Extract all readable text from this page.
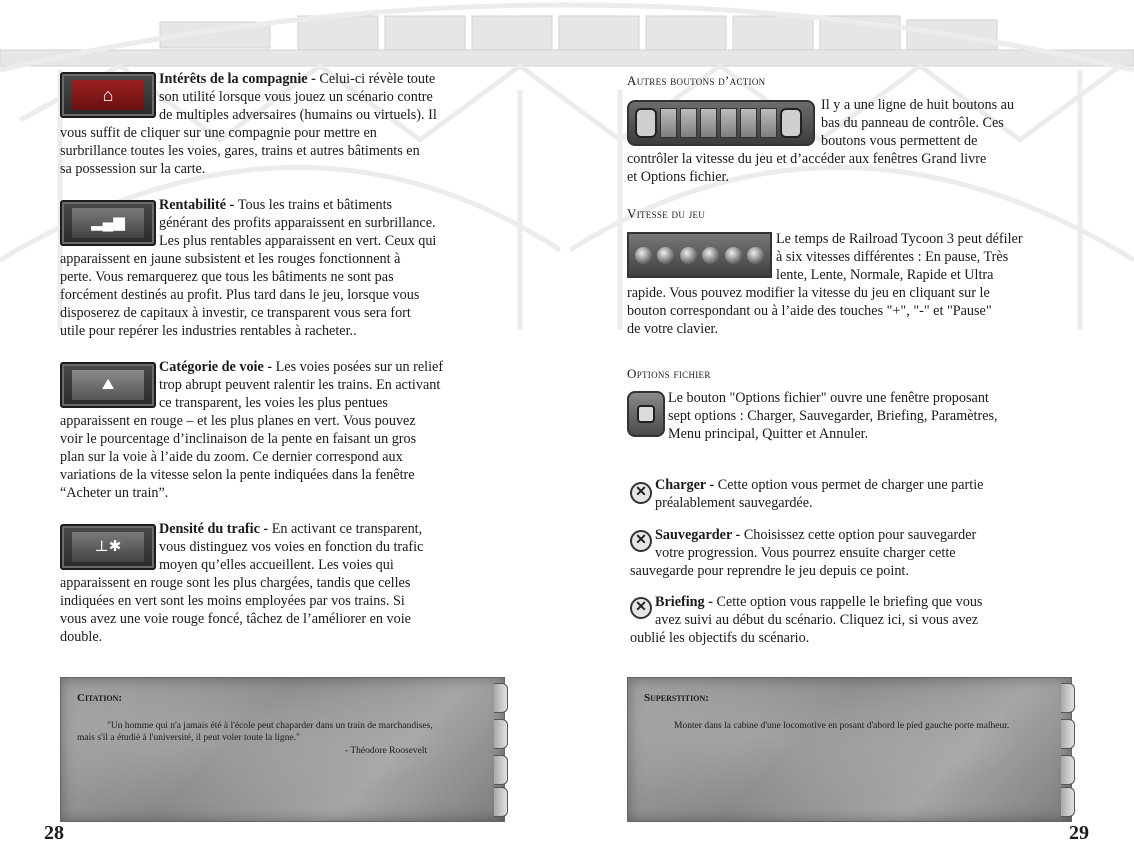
⌂
Intérêts de la compagnie - Celui-ci révèle toute
son utilité lorsque vous jouez un scénario contre
de multiples adversaires (humains ou virtuels). Il
vous suffit de cliquer sur une compagnie pour mettre en
surbrillance toutes les voies, gares, trains et autres bâtiments en
sa possession sur la carte.
▂▄▆
Rentabilité - Tous les trains et bâtiments
générant des profits apparaissent en surbrillance.
Les plus rentables apparaissent en vert. Ceux qui
apparaissent en jaune subsistent et les rouges fonctionnent à
perte. Vous remarquerez que tous les bâtiments ne sont pas
forcément destinés au profit. Plus tard dans le jeu, lorsque vous
disposerez de capitaux à investir, ce transparent vous sera fort
utile pour repérer les industries rentables à racheter..
⛰
Catégorie de voie - Les voies posées sur un relief
trop abrupt peuvent ralentir les trains. En activant
ce transparent, les voies les plus pentues
apparaissent en rouge – et les plus planes en vert. Vous pouvez
voir le pourcentage d’inclinaison de la pente en faisant un gros
plan sur la voie à l’aide du zoom. Ce dernier correspond aux
variations de la vitesse selon la pente indiquées dans la fenêtre
“Acheter un train”.
⊥✱
Densité du trafic - En activant ce transparent,
vous distinguez vos voies en fonction du trafic
moyen qu’elles accueillent. Les voies qui
apparaissent en rouge sont les plus chargées, tandis que celles
indiquées en vert sont les moins employées par vos trains. Si
vous avez une voie rouge foncé, tâchez de l’améliorer en voie
double.
Citation:
"Un homme qui n'a jamais été à l'école peut chaparder dans un train de marchandises, mais s'il a étudié à l'université, il peut voler toute la ligne."
- Théodore Roosevelt
28
Autres boutons d’action
Il y a une ligne de huit boutons au
bas du panneau de contrôle. Ces
boutons vous permettent de
contrôler la vitesse du jeu et d’accéder aux fenêtres Grand livre
et Options fichier.
Vitesse du jeu
Le temps de Railroad Tycoon 3 peut défiler
à six vitesses différentes : En pause, Très
lente, Lente, Normale, Rapide et Ultra
rapide. Vous pouvez modifier la vitesse du jeu en cliquant sur le
bouton correspondant ou à l’aide des touches "+", "-" et "Pause"
de votre clavier.
Options fichier
Le bouton "Options fichier" ouvre une fenêtre proposant
sept options : Charger, Sauvegarder, Briefing, Paramètres,
Menu principal, Quitter et Annuler.
✕ Charger - Cette option vous permet de charger une partie
préalablement sauvegardée.
✕ Sauvegarder - Choisissez cette option pour sauvegarder
votre progression. Vous pourrez ensuite charger cette
sauvegarde pour reprendre le jeu depuis ce point.
✕ Briefing - Cette option vous rappelle le briefing que vous
avez suivi au début du scénario. Cliquez ici, si vous avez
oublié les objectifs du scénario.
Superstition:
Monter dans la cabine d'une locomotive en posant d'abord le pied gauche porte malheur.
29
